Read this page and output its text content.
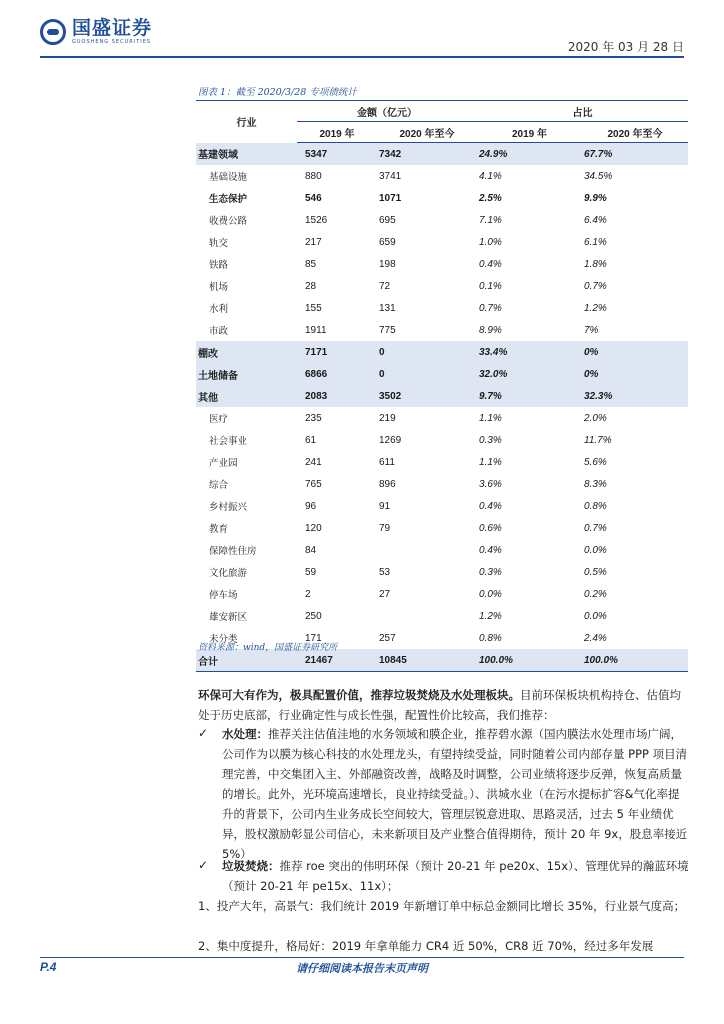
国盛证券
GUOSHENG SECURITIES	2020 年 03 月 28 日
图表 1：截至 2020/3/28 专项债统计
行业	金额（亿元）		占比	
	2019 年	2020 年至今	2019 年	2020 年至今
基建领域	5347	7342	24.9%	67.7%
基础设施	880	3741	4.1%	34.5%
生态保护	546	1071	2.5%	9.9%
收费公路	1526	695	7.1%	6.4%
轨交	217	659	1.0%	6.1%
铁路	85	198	0.4%	1.8%
机场	28	72	0.1%	0.7%
水利	155	131	0.7%	1.2%
市政	1911	775	8.9%	7%
棚改	7171	0	33.4%	0%
土地储备	6866	0	32.0%	0%
其他	2083	3502	9.7%	32.3%
医疗	235	219	1.1%	2.0%
社会事业	61	1269	0.3%	11.7%
产业园	241	611	1.1%	5.6%
综合	765	896	3.6%	8.3%
乡村振兴	96	91	0.4%	0.8%
教育	120	79	0.6%	0.7%
保障性住房	84		0.4%	0.0%
文化旅游	59	53	0.3%	0.5%
停车场	2	27	0.0%	0.2%
雄安新区	250		1.2%	0.0%
未分类	171	257	0.8%	2.4%
合计	21467	10845	100.0%	100.0%
资料来源：wind，国盛证券研究所
环保可大有作为，极具配置价值，推荐垃圾焚烧及水处理板块。目前环保板块机构持仓、估值均处于历史底部，行业确定性与成长性强，配置性价比较高，我们推荐：
✓ 水处理：推荐关注估值洼地的水务领域和膜企业，推荐碧水源（国内膜法水处理市场广阔，公司作为以膜为核心科技的水处理龙头，有望持续受益，同时随着公司内部存量 PPP 项目清理完善，中交集团入主、外部融资改善，战略及时调整，公司业绩将逐步反弹，恢复高质量的增长。此外，光环境高速增长，良业持续受益。）、洪城水业（在污水提标扩容&气化率提升的背景下，公司内生业务成长空间较大，管理层锐意进取、思路灵活，过去 5 年业绩优异，股权激励彰显公司信心，未来新项目及产业整合值得期待，预计 20 年 9x，股息率接近 5%）
✓ 垃圾焚烧：推荐 roe 突出的伟明环保（预计 20-21 年 pe20x、15x）、管理优异的瀚蓝环境（预计 20-21 年 pe15x、11x）；
1、投产大年，高景气：我们统计 2019 年新增订单中标总金额同比增长 35%，行业景气度高；
2、集中度提升，格局好：2019 年拿单能力 CR4 近 50%，CR8 近 70%，经过多年发展
P.4	请仔细阅读本报告末页声明
